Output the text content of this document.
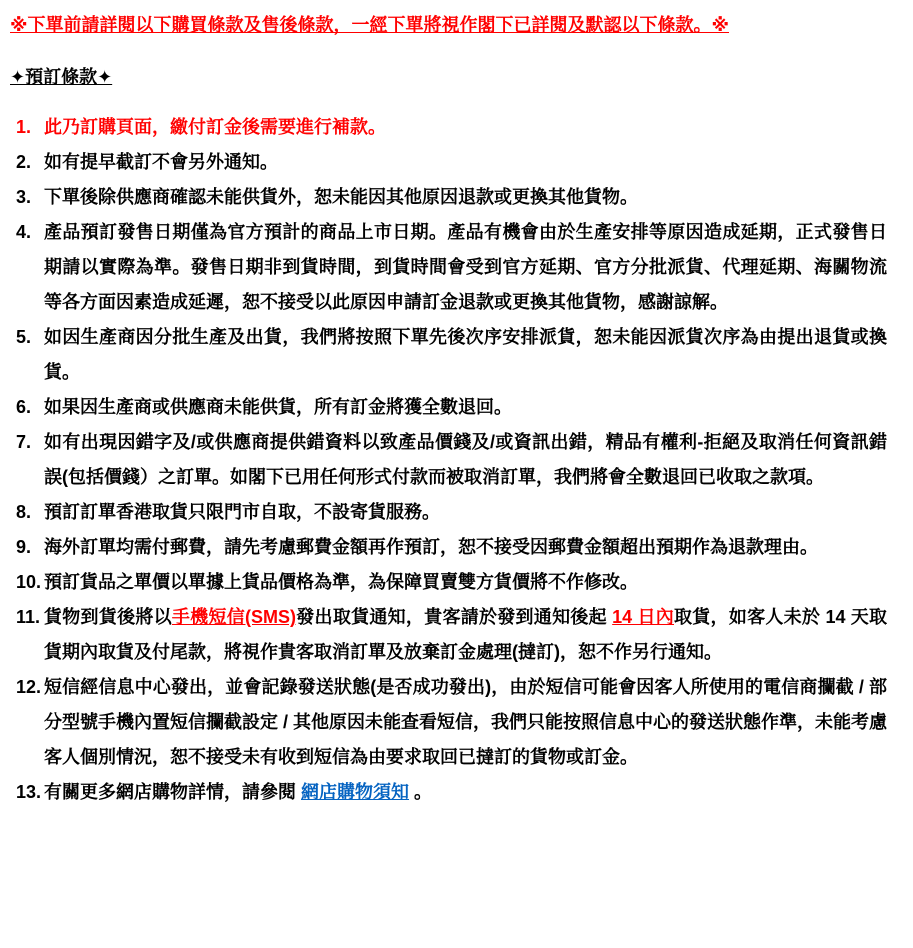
※下單前請詳閱以下購買條款及售後條款，一經下單將視作閣下已詳閱及默認以下條款。※
✦預訂條款✦
1. 此乃訂購頁面，繳付訂金後需要進行補款。
2. 如有提早截訂不會另外通知。
3. 下單後除供應商確認未能供貨外，恕未能因其他原因退款或更換其他貨物。
4. 產品預訂發售日期僅為官方預計的商品上市日期。產品有機會由於生產安排等原因造成延期，正式發售日期請以實際為準。發售日期非到貨時間，到貨時間會受到官方延期、官方分批派貨、代理延期、海關物流等各方面因素造成延遲，恕不接受以此原因申請訂金退款或更換其他貨物，感謝諒解。
5. 如因生產商因分批生產及出貨，我們將按照下單先後次序安排派貨，恕未能因派貨次序為由提出退貨或換貨。
6. 如果因生產商或供應商未能供貨，所有訂金將獲全數退回。
7. 如有出現因錯字及/或供應商提供錯資料以致產品價錢及/或資訊出錯，精品有權利-拒絕及取消任何資訊錯誤(包括價錢）之訂單。如閣下已用任何形式付款而被取消訂單，我們將會全數退回已收取之款項。
8. 預訂訂單香港取貨只限門市自取，不設寄貨服務。
9. 海外訂單均需付郵費，請先考慮郵費金額再作預訂，恕不接受因郵費金額超出預期作為退款理由。
10. 預訂貨品之單價以單據上貨品價格為準，為保障買賣雙方貨價將不作修改。
11. 貨物到貨後將以手機短信(SMS)發出取貨通知，貴客請於發到通知後起 14 日內取貨，如客人未於 14 天取貨期內取貨及付尾款，將視作貴客取消訂單及放棄訂金處理(撻訂)，恕不作另行通知。
12. 短信經信息中心發出，並會記錄發送狀態(是否成功發出)，由於短信可能會因客人所使用的電信商攔截 / 部分型號手機內置短信攔截設定 / 其他原因未能查看短信，我們只能按照信息中心的發送狀態作準，未能考慮客人個別情況，恕不接受未有收到短信為由要求取回已撻訂的貨物或訂金。
13. 有關更多網店購物詳情，請參閱 網店購物須知 。
